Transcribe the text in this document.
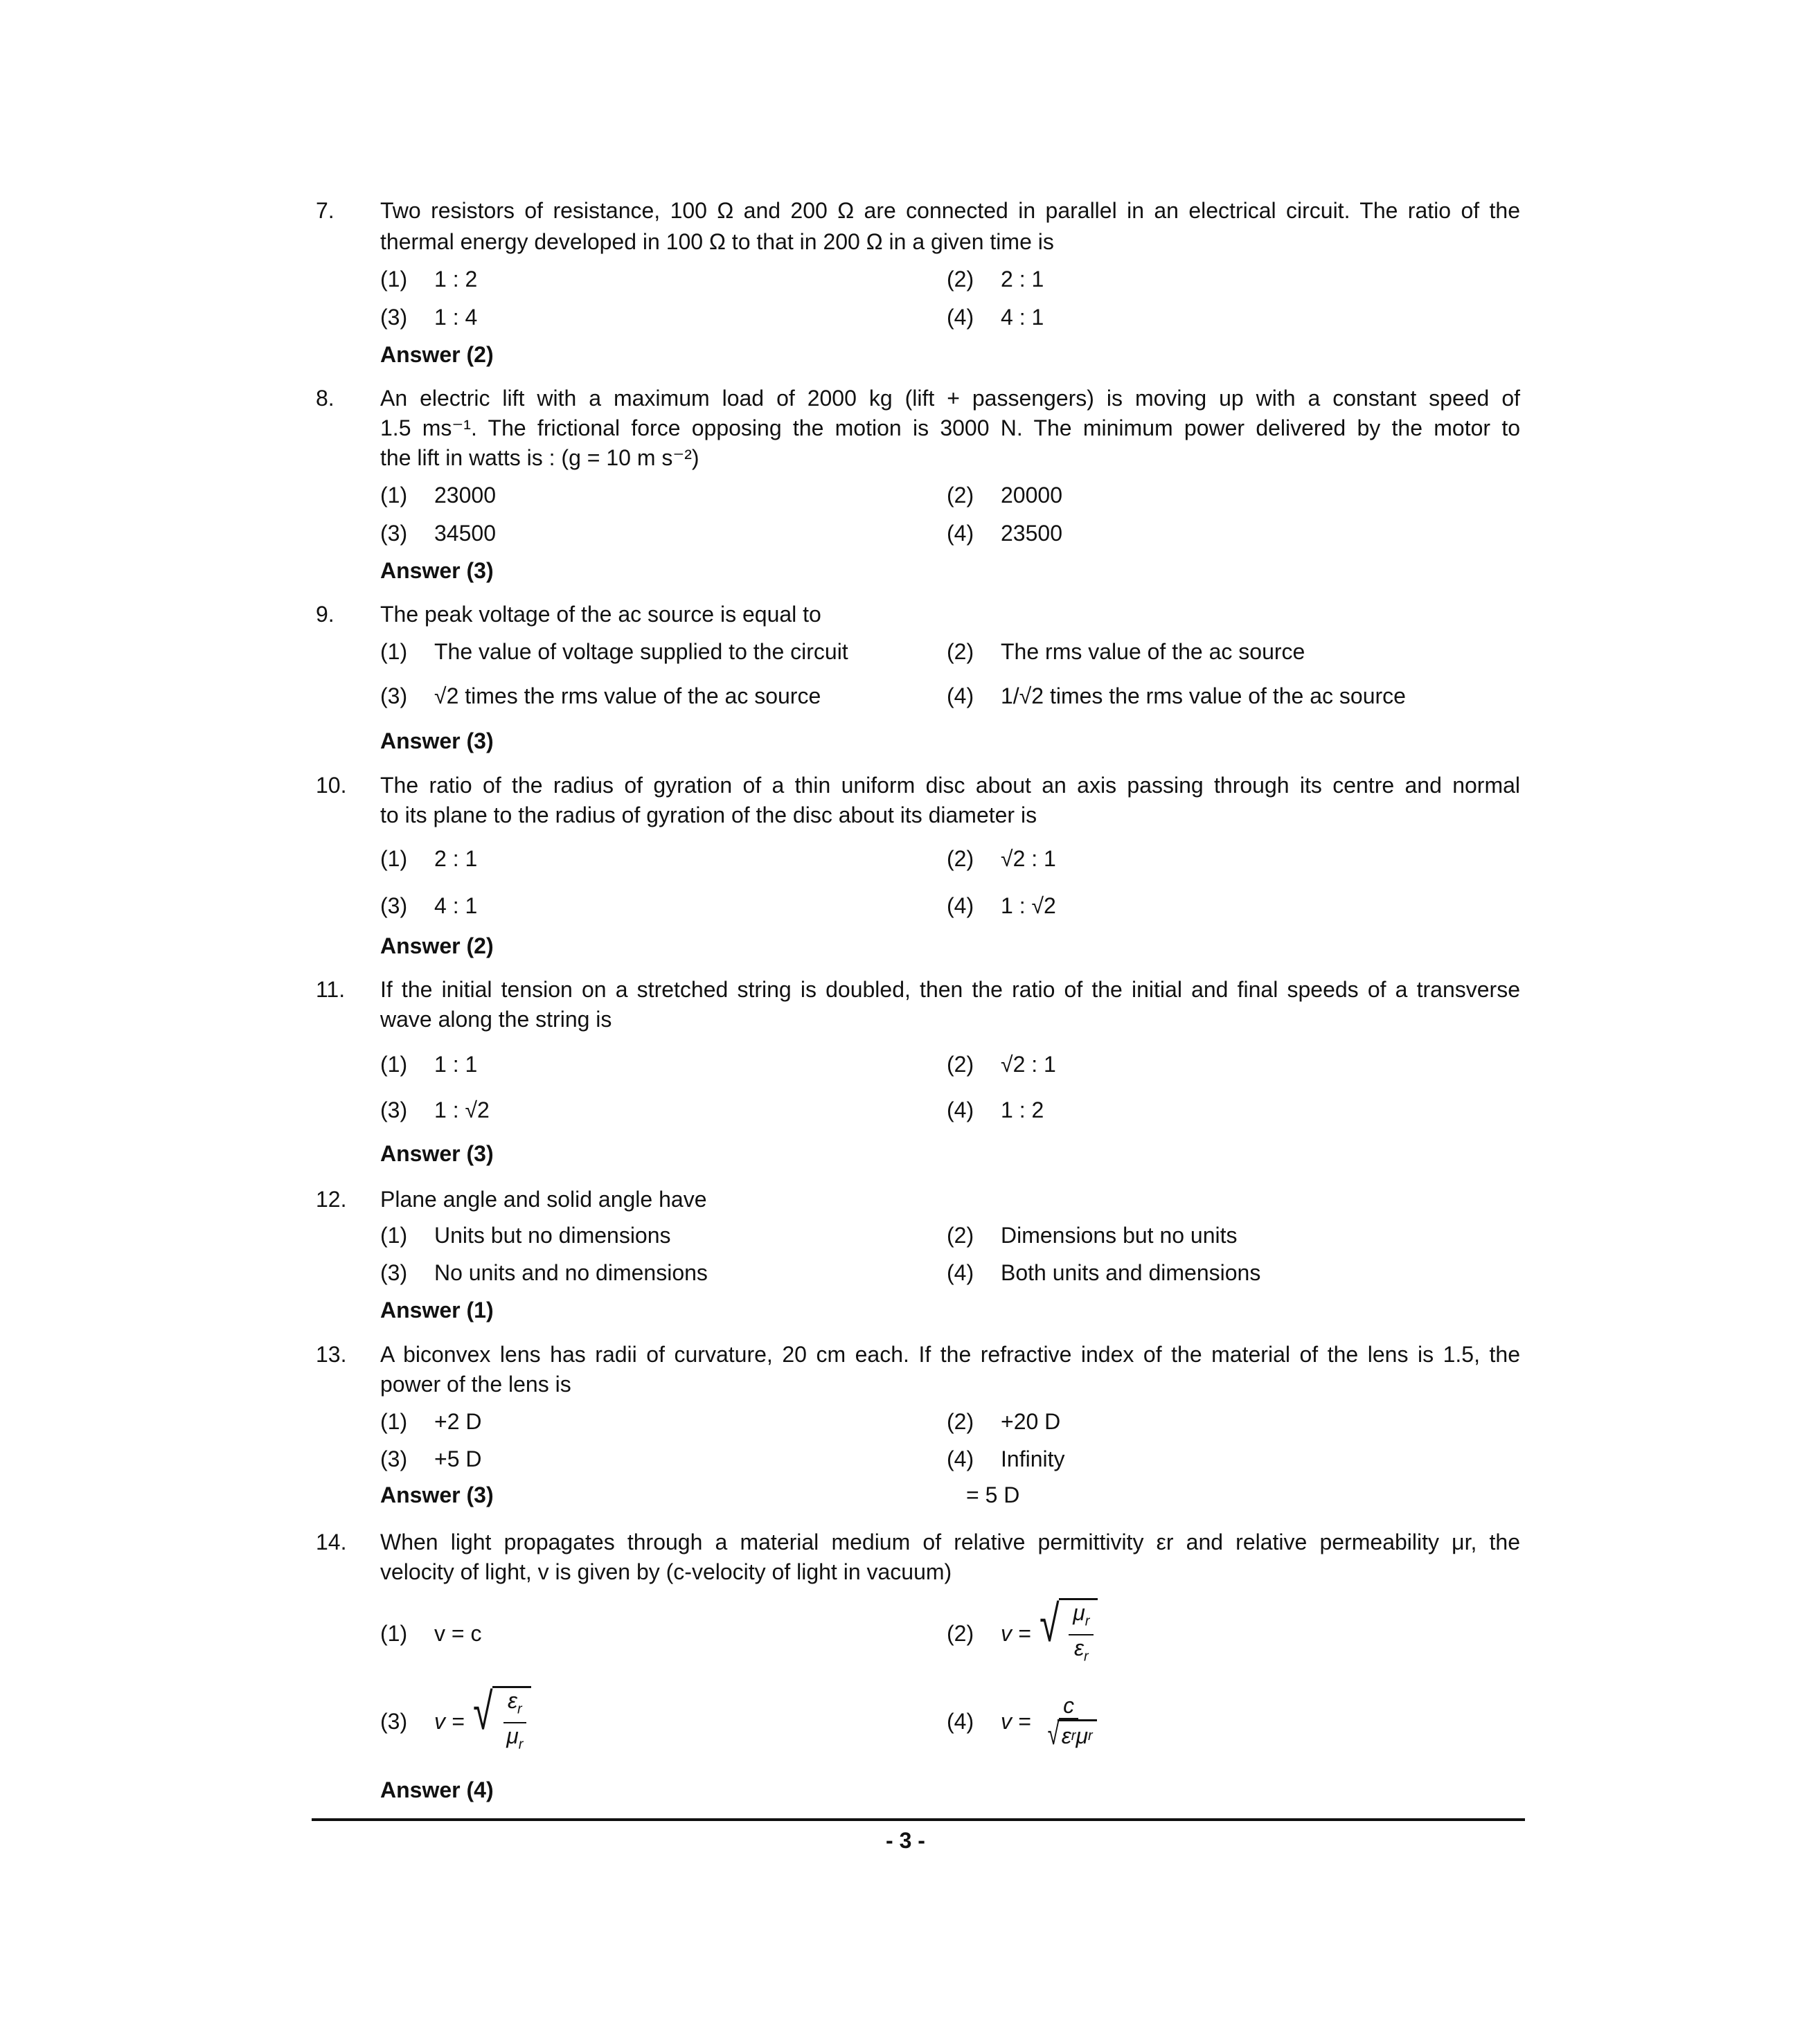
7. Two resistors of resistance, 100 Ω and 200 Ω are connected in parallel in an electrical circuit. The ratio of the
thermal energy developed in 100 Ω to that in 200 Ω in a given time is
(1) 1 : 2	(2) 2 : 1
(3) 1 : 4	(4) 4 : 1
Answer (2)
8. An electric lift with a maximum load of 2000 kg (lift + passengers) is moving up with a constant speed of
1.5 ms⁻¹. The frictional force opposing the motion is 3000 N. The minimum power delivered by the motor to
the lift in watts is : (g = 10 m s⁻²)
(1) 23000	(2) 20000
(3) 34500	(4) 23500
Answer (3)
9. The peak voltage of the ac source is equal to
(1) The value of voltage supplied to the circuit	(2) The rms value of the ac source
(3) √2 times the rms value of the ac source	(4) 1/√2 times the rms value of the ac source
Answer (3)
10. The ratio of the radius of gyration of a thin uniform disc about an axis passing through its centre and normal
to its plane to the radius of gyration of the disc about its diameter is
(1) 2 : 1	(2) √2 : 1
(3) 4 : 1	(4) 1 : √2
Answer (2)
11. If the initial tension on a stretched string is doubled, then the ratio of the initial and final speeds of a transverse
wave along the string is
(1) 1 : 1	(2) √2 : 1
(3) 1 : √2	(4) 1 : 2
Answer (3)
12. Plane angle and solid angle have
(1) Units but no dimensions	(2) Dimensions but no units
(3) No units and no dimensions	(4) Both units and dimensions
Answer (1)
13. A biconvex lens has radii of curvature, 20 cm each. If the refractive index of the material of the lens is 1.5, the
power of the lens is
(1) +2 D	(2) +20 D
(3) +5 D	(4) Infinity
Answer (3)	= 5 D
14. When light propagates through a material medium of relative permittivity εr and relative permeability μr, the
velocity of light, v is given by (c-velocity of light in vacuum)
(1) v = c	(2)	v = √ $\frac{\mu_r}{\varepsilon_r}$
(3)	v = √ $\frac{\varepsilon_r}{\mu_r}$	(4)	$v = \frac{c}{\text{√ ε r μ r}}$
Answer (4)
- 3 -
